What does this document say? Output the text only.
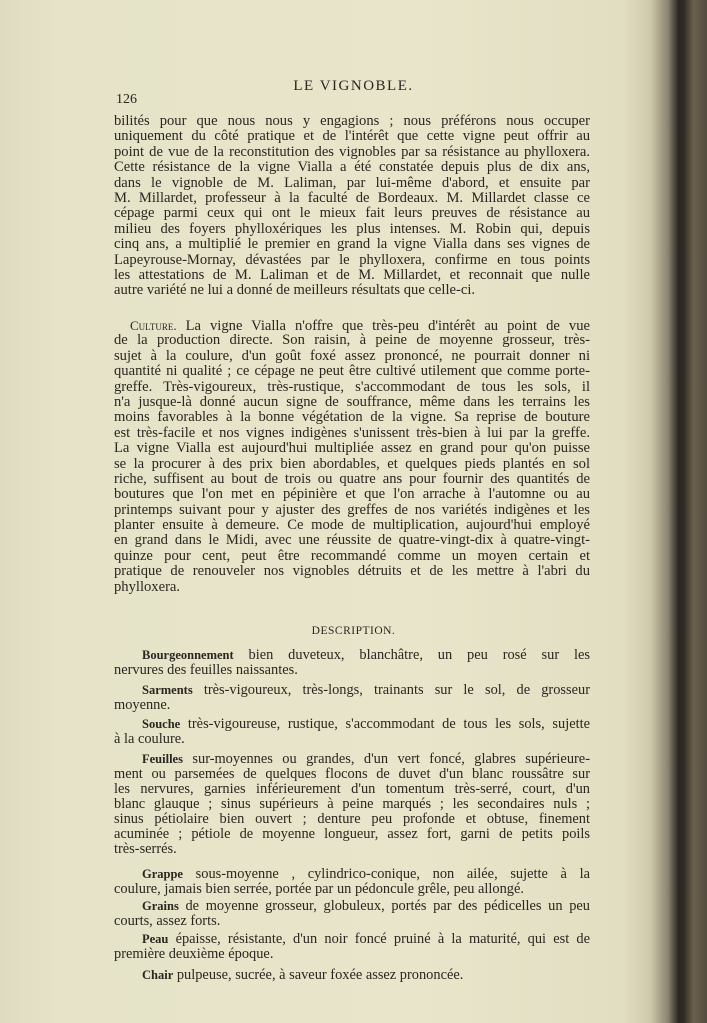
LE VIGNOBLE.
126
bilités pour que nous nous y engagions ; nous préférons nous occuper
uniquement du côté pratique et de l'intérêt que cette vigne peut offrir au
point de vue de la reconstitution des vignobles par sa résistance au phylloxera.
Cette résistance de la vigne Vialla a été constatée depuis plus de dix ans,
dans le vignoble de M. Laliman, par lui-même d'abord, et ensuite par
M. Millardet, professeur à la faculté de Bordeaux. M. Millardet classe ce
cépage parmi ceux qui ont le mieux fait leurs preuves de résistance au
milieu des foyers phylloxériques les plus intenses. M. Robin qui, depuis
cinq ans, a multiplié le premier en grand la vigne Vialla dans ses vignes de
Lapeyrouse-Mornay, dévastées par le phylloxera, confirme en tous points
les attestations de M. Laliman et de M. Millardet, et reconnait que nulle
autre variété ne lui a donné de meilleurs résultats que celle-ci.
Culture. La vigne Vialla n'offre que très-peu d'intérêt au point de vue
de la production directe. Son raisin, à peine de moyenne grosseur, très-
sujet à la coulure, d'un goût foxé assez prononcé, ne pourrait donner ni
quantité ni qualité ; ce cépage ne peut être cultivé utilement que comme porte-
greffe. Très-vigoureux, très-rustique, s'accommodant de tous les sols, il
n'a jusque-là donné aucun signe de souffrance, même dans les terrains les
moins favorables à la bonne végétation de la vigne. Sa reprise de bouture
est très-facile et nos vignes indigènes s'unissent très-bien à lui par la greffe.
La vigne Vialla est aujourd'hui multipliée assez en grand pour qu'on puisse
se la procurer à des prix bien abordables, et quelques pieds plantés en sol
riche, suffisent au bout de trois ou quatre ans pour fournir des quantités de
boutures que l'on met en pépinière et que l'on arrache à l'automne ou au
printemps suivant pour y ajuster des greffes de nos variétés indigènes et les
planter ensuite à demeure. Ce mode de multiplication, aujourd'hui employé
en grand dans le Midi, avec une réussite de quatre-vingt-dix à quatre-vingt-
quinze pour cent, peut être recommandé comme un moyen certain et
pratique de renouveler nos vignobles détruits et de les mettre à l'abri du
phylloxera.
DESCRIPTION.
Bourgeonnement bien duveteux, blanchâtre, un peu rosé sur les
nervures des feuilles naissantes.
Sarments très-vigoureux, très-longs, trainants sur le sol, de grosseur
moyenne.
Souche très-vigoureuse, rustique, s'accommodant de tous les sols, sujette
à la coulure.
Feuilles sur-moyennes ou grandes, d'un vert foncé, glabres supérieure-
ment ou parsemées de quelques flocons de duvet d'un blanc roussâtre sur
les nervures, garnies inférieurement d'un tomentum très-serré, court, d'un
blanc glauque ; sinus supérieurs à peine marqués ; les secondaires nuls ;
sinus pétiolaire bien ouvert ; denture peu profonde et obtuse, finement
acuminée ; pétiole de moyenne longueur, assez fort, garni de petits poils
très-serrés.
Grappe sous-moyenne , cylindrico-conique, non ailée, sujette à la
coulure, jamais bien serrée, portée par un pédoncule grêle, peu allongé.
Grains de moyenne grosseur, globuleux, portés par des pédicelles un peu
courts, assez forts.
Peau épaisse, résistante, d'un noir foncé pruiné à la maturité, qui est de
première deuxième époque.
Chair pulpeuse, sucrée, à saveur foxée assez prononcée.
